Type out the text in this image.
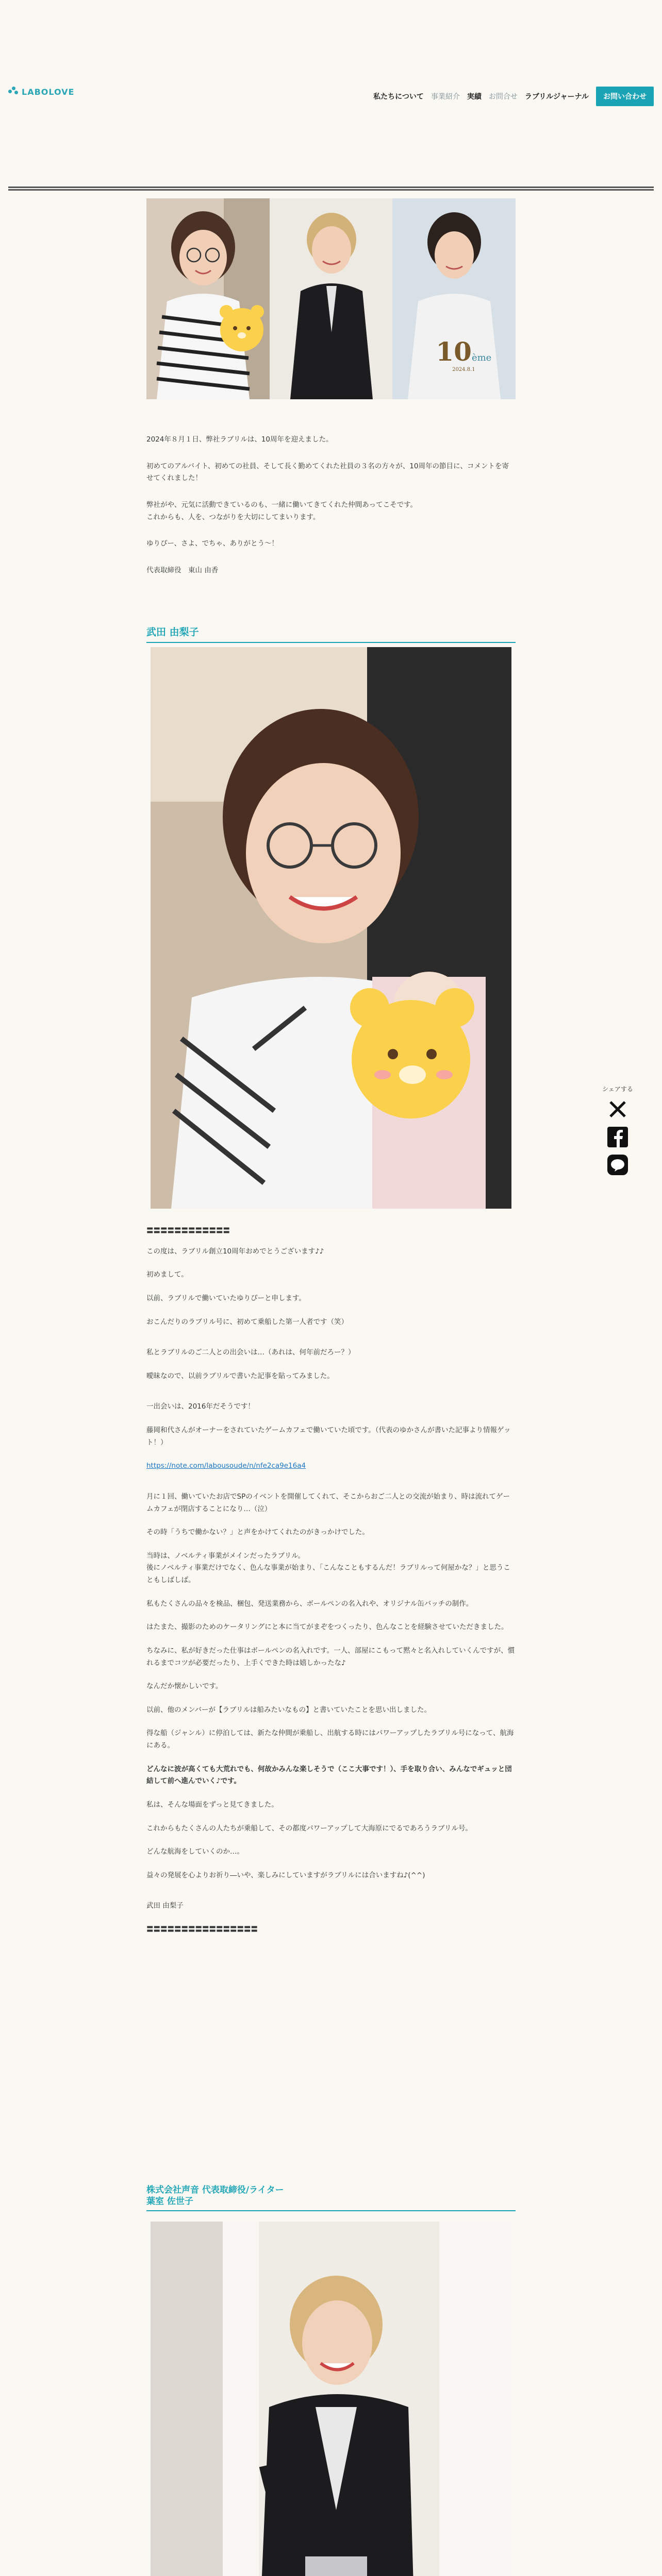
LABOLOVE
私たちについて 事業紹介 実績 お問合せ ラブリルジャーナル	お問い合わせ
10ème
2024.8.1

2024年８月１日、弊社ラブリルは、10周年を迎えました。

初めてのアルバイト、初めての社員、そして長く勤めてくれた社員の３名の方々が、10周年の節目に、コメントを寄せてくれました！

弊社がや、元気に活動できているのも、一緒に働いてきてくれた仲間あってこそです。

これからも、人を、つながりを大切にしてまいります。

ゆりぴー、さよ、でちゃ、ありがとう〜！

代表取締役　東山 由香

武田 由梨子

〓〓〓〓〓〓〓〓〓〓〓〓

この度は、ラブリル創立10周年おめでとうございます♪♪

初めまして。

以前、ラブリルで働いていたゆりぴーと申します。

おこんだりのラブリル号に、初めて乗船した第一人者です（笑）

私とラブリルのご二人との出会いは…（あれは、何年前だろー？）

曖昧なので、以前ラブリルで書いた記事を貼ってみました。

一出会いは、2016年だそうです！

藤岡和代さんがオーナーをされていたゲームカフェで働いていた頃です。（代表のゆかさんが書いた記事より情報ゲット！）

https://note.com/labousoude/n/nfe2ca9e16a4

月に１回、働いていたお店でSPのイベントを開催してくれて、そこからおご二人との交流が始まり、時は流れてゲームカフェが閉店することになり…（泣）

その時「うちで働かない？」と声をかけてくれたのがきっかけでした。

当時は、ノベルティ事業がメインだったラブリル。

後にノベルティ事業だけでなく、色んな事業が始まり、「こんなこともするんだ！ラブリルって何屋かな？」と思うこともしばしば。

私もたくさんの品々を検品、梱包、発送業務から、ボールペンの名入れや、オリジナル缶バッチの制作。

はたまた、撮影のためのケータリングにと本に当てがまぞをつくったり、色んなことを経験させていただきました。

ちなみに、私が好きだった仕事はボールペンの名入れです。一人、部屋にこもって黙々と名入れしていくんですが、慣れるまでコツが必要だったり、上手くできた時は嬉しかったな♪

なんだか懐かしいです。

以前、他のメンバーが【ラブリルは船みたいなもの】と書いていたことを思い出しました。

得な船（ジャンル）に停泊しては、新たな仲間が乗船し、出航する時にはパワーアップしたラブリル号になって、航海にある。

どんなに波が高くても大荒れでも、何故かみんな楽しそうで（ここ大事です！）、手を取り合い、みんなでギュッと団結して前へ進んでいく♪です。

私は、そんな場面をずっと見てきました。

これからもたくさんの人たちが乗船して、その都度パワーアップして大海原にでるであろうラブリル号。

どんな航海をしていくのか…。

益々の発展を心よりお祈り―いや、楽しみにしていますがラブリルには合いますね♪(^^)

武田 由梨子

〓〓〓〓〓〓〓〓〓〓〓〓〓〓〓〓

シェアする
株式会社声音 代表取締役/ライター
葉室 佐世子
